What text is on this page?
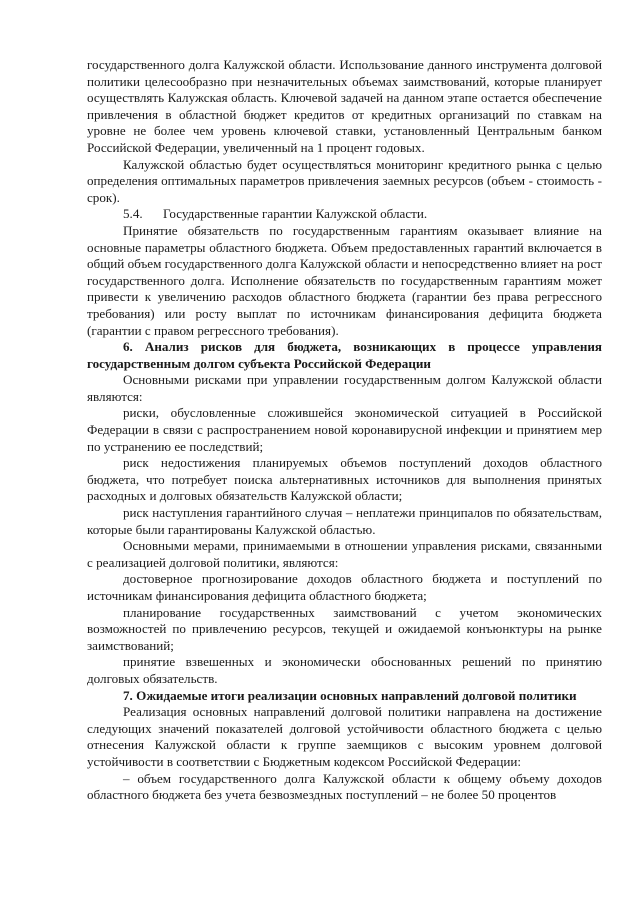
государственного долга Калужской области. Использование данного инструмента долговой политики целесообразно при незначительных объемах заимствований, которые планирует осуществлять Калужская область. Ключевой задачей на данном этапе остается обеспечение привлечения в областной бюджет кредитов от кредитных организаций по ставкам на уровне не более чем уровень ключевой ставки, установленный Центральным банком Российской Федерации, увеличенный на 1 процент годовых.

Калужской областью будет осуществляться мониторинг кредитного рынка с целью определения оптимальных параметров привлечения заемных ресурсов (объем - стоимость - срок).

5.4. Государственные гарантии Калужской области.

Принятие обязательств по государственным гарантиям оказывает влияние на основные параметры областного бюджета. Объем предоставленных гарантий включается в общий объем государственного долга Калужской области и непосредственно влияет на рост государственного долга. Исполнение обязательств по государственным гарантиям может привести к увеличению расходов областного бюджета (гарантии без права регрессного требования) или росту выплат по источникам финансирования дефицита бюджета (гарантии с правом регрессного требования).

6. Анализ рисков для бюджета, возникающих в процессе управления государственным долгом субъекта Российской Федерации

Основными рисками при управлении государственным долгом Калужской области являются:

риски, обусловленные сложившейся экономической ситуацией в Российской Федерации в связи с распространением новой коронавирусной инфекции и принятием мер по устранению ее последствий;

риск недостижения планируемых объемов поступлений доходов областного бюджета, что потребует поиска альтернативных источников для выполнения принятых расходных и долговых обязательств Калужской области;

риск наступления гарантийного случая – неплатежи принципалов по обязательствам, которые были гарантированы Калужской областью.

Основными мерами, принимаемыми в отношении управления рисками, связанными с реализацией долговой политики, являются:

достоверное прогнозирование доходов областного бюджета и поступлений по источникам финансирования дефицита областного бюджета;

планирование государственных заимствований с учетом экономических возможностей по привлечению ресурсов, текущей и ожидаемой конъюнктуры на рынке заимствований;

принятие взвешенных и экономически обоснованных решений по принятию долговых обязательств.

7. Ожидаемые итоги реализации основных направлений долговой политики

Реализация основных направлений долговой политики направлена на достижение следующих значений показателей долговой устойчивости областного бюджета с целью отнесения Калужской области к группе заемщиков с высоким уровнем долговой устойчивости в соответствии с Бюджетным кодексом Российской Федерации:

– объем государственного долга Калужской области к общему объему доходов областного бюджета без учета безвозмездных поступлений – не более 50 процентов
